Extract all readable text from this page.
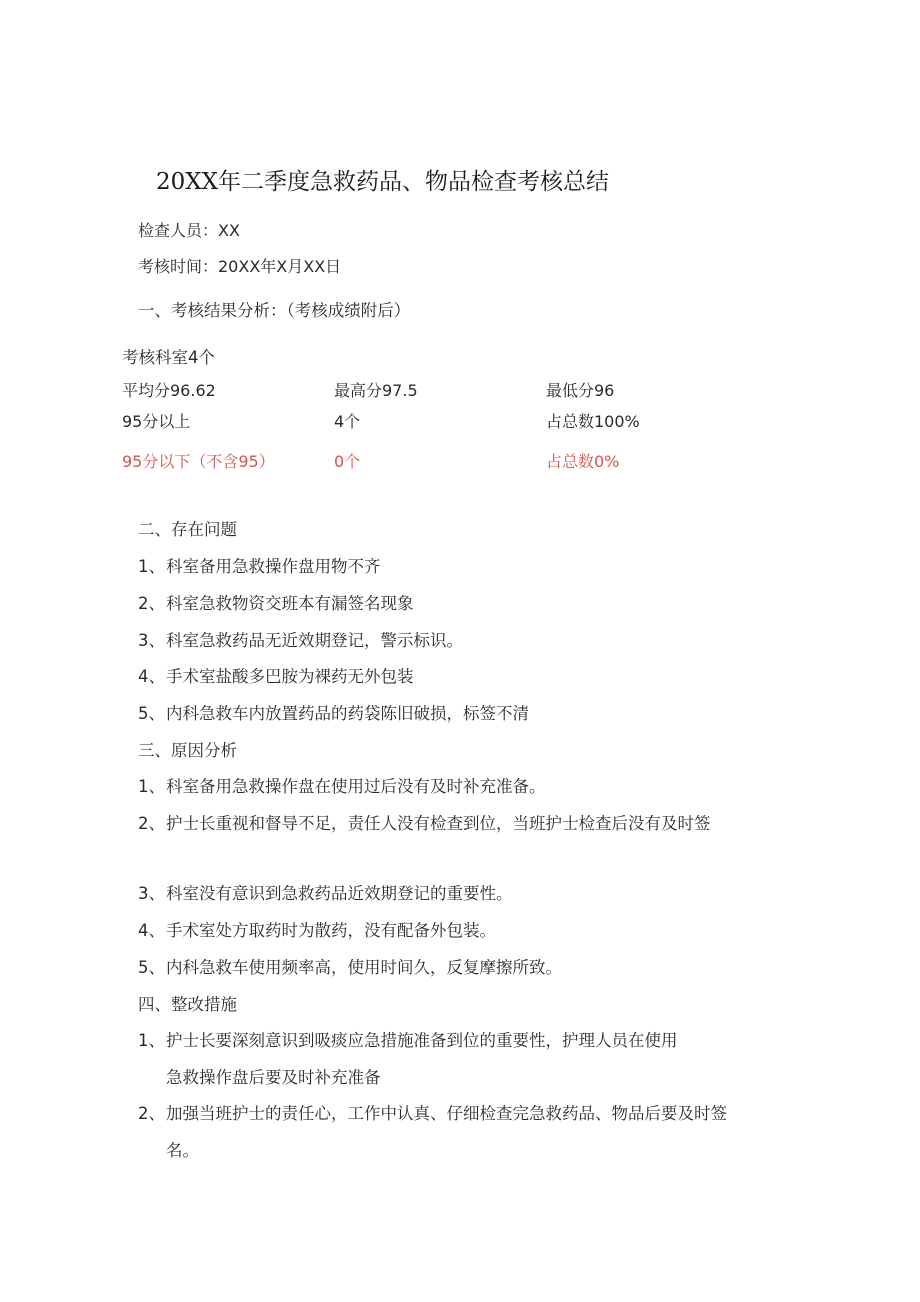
20XX年二季度急救药品、物品检查考核总结
检查人员：XX
考核时间：20XX年X月XX日
一、考核结果分析：（考核成绩附后）
考核科室4个
平均分96.62	最高分97.5	最低分96
95分以上	4个	占总数100%
95分以下（不含95）	0个	占总数0%
二、存在问题
1、科室备用急救操作盘用物不齐
2、科室急救物资交班本有漏签名现象
3、科室急救药品无近效期登记，警示标识。
4、手术室盐酸多巴胺为裸药无外包装
5、内科急救车内放置药品的药袋陈旧破损，标签不清
三、原因分析
1、科室备用急救操作盘在使用过后没有及时补充准备。
2、护士长重视和督导不足，责任人没有检查到位，当班护士检查后没有及时签
3、科室没有意识到急救药品近效期登记的重要性。
4、手术室处方取药时为散药，没有配备外包装。
5、内科急救车使用频率高，使用时间久，反复摩擦所致。
四、整改措施
1、护士长要深刻意识到吸痰应急措施准备到位的重要性，护理人员在使用
急救操作盘后要及时补充准备
2、加强当班护士的责任心，工作中认真、仔细检查完急救药品、物品后要及时签
名。
